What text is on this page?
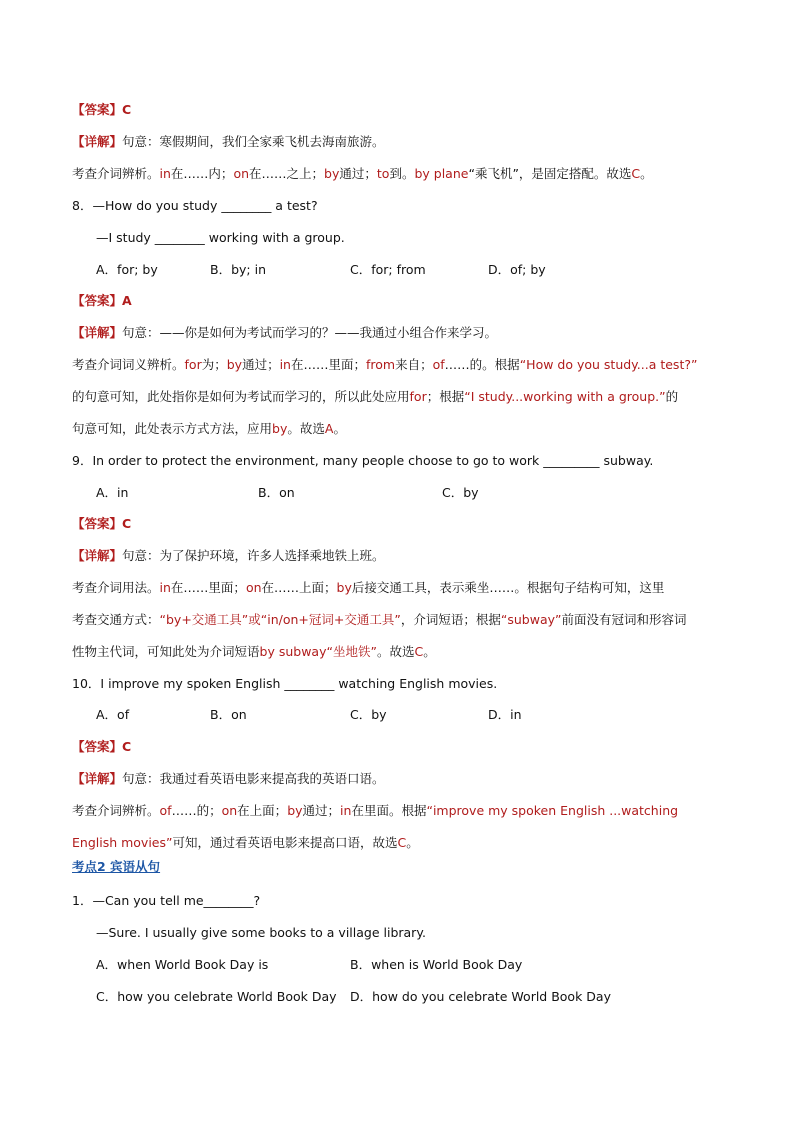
【答案】C
【详解】句意：寒假期间，我们全家乘飞机去海南旅游。
考查介词辨析。in在……内；on在……之上；by通过；to到。by plane“乘飞机”，是固定搭配。故选C。
8．—How do you study ________ a test?
—I study ________ working with a group.
A．for; by	B．by; in	C．for; from	D．of; by
【答案】A
【详解】句意：——你是如何为考试而学习的？——我通过小组合作来学习。
考查介词词义辨析。for为；by通过；in在……里面；from来自；of……的。根据“How do you study...a test?”
的句意可知，此处指你是如何为考试而学习的，所以此处应用for；根据“I study...working with a group.”的
句意可知，此处表示方式方法，应用by。故选A。
9．In order to protect the environment, many people choose to go to work _________ subway.
A．in	B．on	C．by
【答案】C
【详解】句意：为了保护环境，许多人选择乘地铁上班。
考查介词用法。in在……里面；on在……上面；by后接交通工具，表示乘坐……。根据句子结构可知，这里
考查交通方式：“by+交通工具”或“in/on+冠词+交通工具”，介词短语；根据“subway”前面没有冠词和形容词
性物主代词，可知此处为介词短语by subway“坐地铁”。故选C。
10．I improve my spoken English ________ watching English movies.
A．of	B．on	C．by	D．in
【答案】C
【详解】句意：我通过看英语电影来提高我的英语口语。
考查介词辨析。of……的；on在上面；by通过；in在里面。根据“improve my spoken English ...watching
English movies”可知，通过看英语电影来提高口语，故选C。
考点2 宾语从句
1．—Can you tell me________?
—Sure. I usually give some books to a village library.
A．when World Book Day is	B．when is World Book Day
C．how you celebrate World Book Day D．how do you celebrate World Book Day
